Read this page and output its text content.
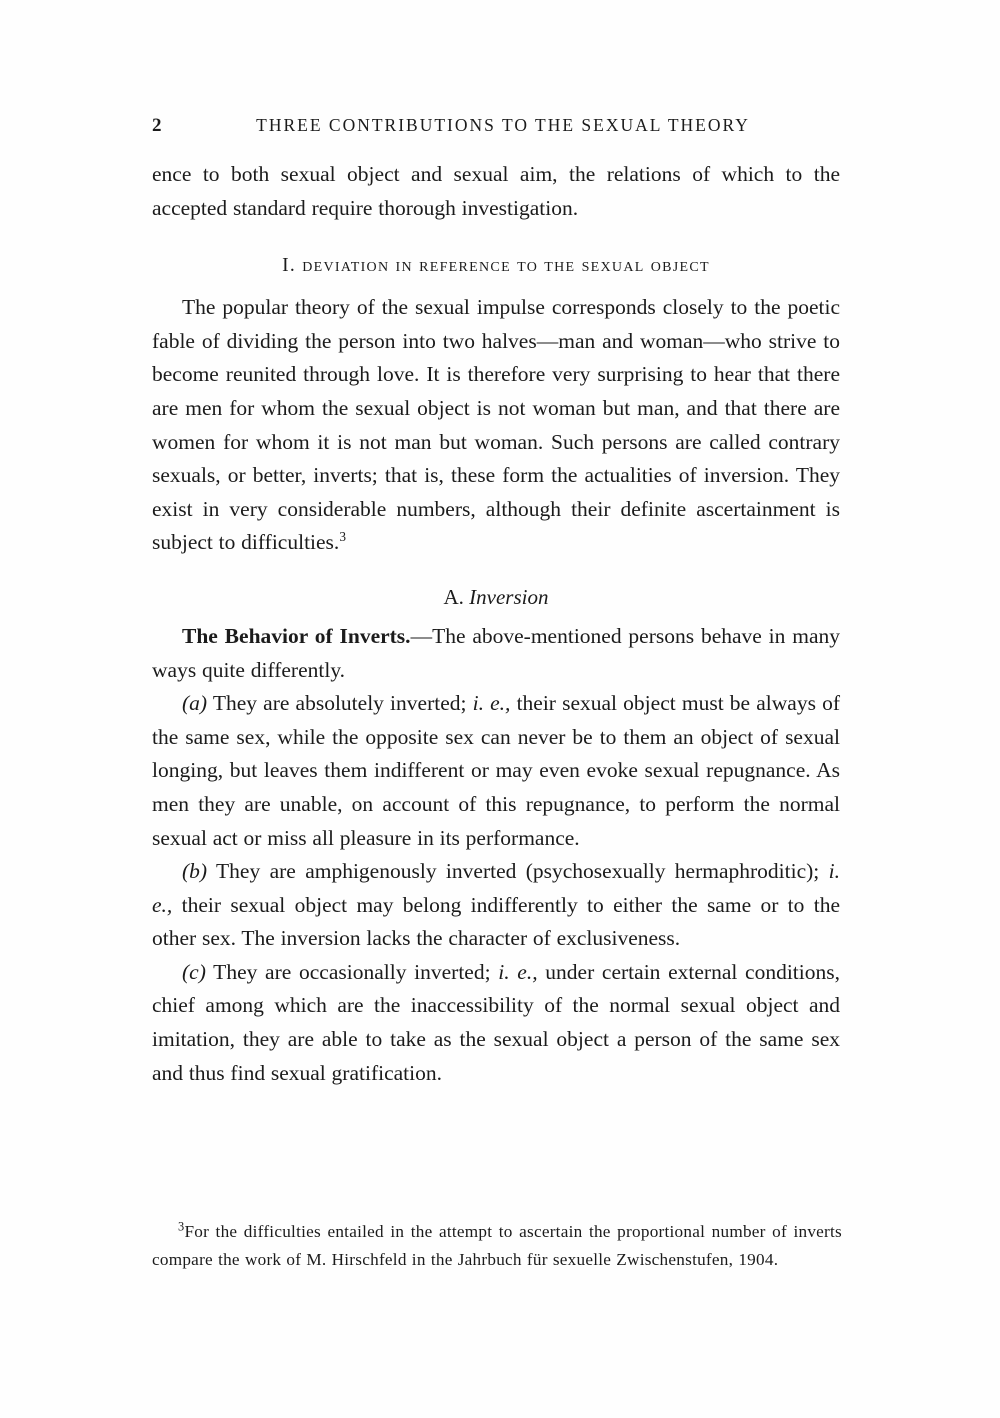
2	THREE CONTRIBUTIONS TO THE SEXUAL THEORY

ence to both sexual object and sexual aim, the relations of which to the accepted standard require thorough investigation.

I. deviation in reference to the sexual object

The popular theory of the sexual impulse corresponds closely to the poetic fable of dividing the person into two halves—man and woman—who strive to become reunited through love. It is therefore very surprising to hear that there are men for whom the sexual object is not woman but man, and that there are women for whom it is not man but woman. Such persons are called contrary sexuals, or better, inverts; that is, these form the actualities of inversion. They exist in very considerable numbers, although their definite ascertainment is subject to difficulties.$^3$

A. Inversion

The Behavior of Inverts.—The above-mentioned persons behave in many ways quite differently.

(a) They are absolutely inverted; i. e., their sexual object must be always of the same sex, while the opposite sex can never be to them an object of sexual longing, but leaves them indifferent or may even evoke sexual repugnance. As men they are unable, on account of this repugnance, to perform the normal sexual act or miss all pleasure in its performance.

(b) They are amphigenously inverted (psychosexually hermaphroditic); i. e., their sexual object may belong indifferently to either the same or to the other sex. The inversion lacks the character of exclusiveness.

(c) They are occasionally inverted; i. e., under certain external conditions, chief among which are the inaccessibility of the normal sexual object and imitation, they are able to take as the sexual object a person of the same sex and thus find sexual gratification.

$^3$For the difficulties entailed in the attempt to ascertain the proportional number of inverts compare the work of M. Hirschfeld in the Jahrbuch für sexuelle Zwischenstufen, 1904.
